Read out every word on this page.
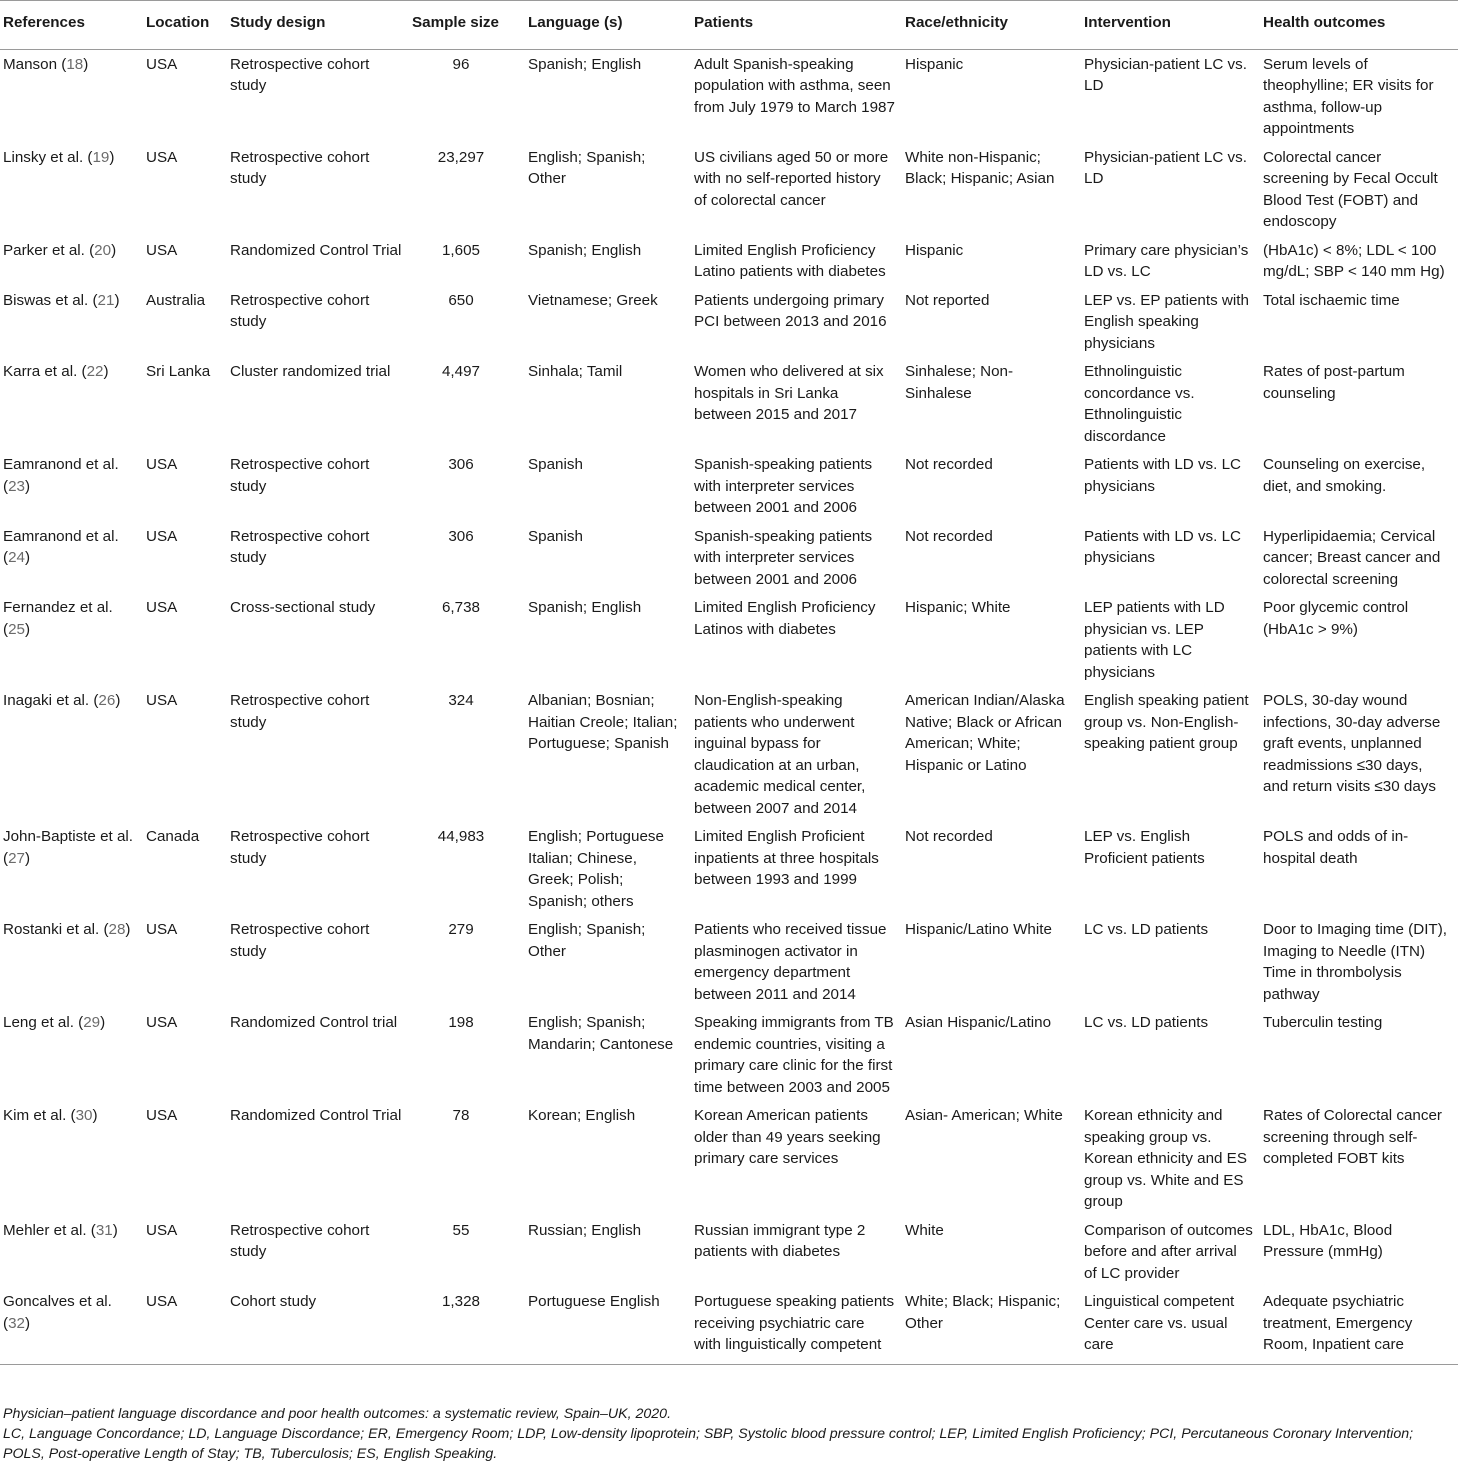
References	Location	Study design	Sample size	Language (s)	Patients	Race/ethnicity	Intervention	Health outcomes
Manson (18)	USA	Retrospective cohort study	96	Spanish; English	Adult Spanish-speaking population with asthma, seen from July 1979 to March 1987	Hispanic	Physician-patient LC vs. LD	Serum levels of theophylline; ER visits for asthma, follow-up appointments
Linsky et al. (19)	USA	Retrospective cohort study	23,297	English; Spanish; Other	US civilians aged 50 or more with no self-reported history of colorectal cancer	White non-Hispanic; Black; Hispanic; Asian	Physician-patient LC vs. LD	Colorectal cancer screening by Fecal Occult Blood Test (FOBT) and endoscopy
Parker et al. (20)	USA	Randomized Control Trial	1,605	Spanish; English	Limited English Proficiency Latino patients with diabetes	Hispanic	Primary care physician’s LD vs. LC	(HbA1c) < 8%; LDL < 100 mg/dL; SBP < 140 mm Hg)
Biswas et al. (21)	Australia	Retrospective cohort study	650	Vietnamese; Greek	Patients undergoing primary PCI between 2013 and 2016	Not reported	LEP vs. EP patients with English speaking physicians	Total ischaemic time
Karra et al. (22)	Sri Lanka	Cluster randomized trial	4,497	Sinhala; Tamil	Women who delivered at six hospitals in Sri Lanka between 2015 and 2017	Sinhalese; Non-Sinhalese	Ethnolinguistic concordance vs. Ethnolinguistic discordance	Rates of post-partum counseling
Eamranond et al. (23)	USA	Retrospective cohort study	306	Spanish	Spanish-speaking patients with interpreter services between 2001 and 2006	Not recorded	Patients with LD vs. LC physicians	Counseling on exercise, diet, and smoking.
Eamranond et al. (24)	USA	Retrospective cohort study	306	Spanish	Spanish-speaking patients with interpreter services between 2001 and 2006	Not recorded	Patients with LD vs. LC physicians	Hyperlipidaemia; Cervical cancer; Breast cancer and colorectal screening
Fernandez et al. (25)	USA	Cross-sectional study	6,738	Spanish; English	Limited English Proficiency Latinos with diabetes	Hispanic; White	LEP patients with LD physician vs. LEP patients with LC physicians	Poor glycemic control (HbA1c > 9%)
Inagaki et al. (26)	USA	Retrospective cohort study	324	Albanian; Bosnian; Haitian Creole; Italian; Portuguese; Spanish	Non-English-speaking patients who underwent inguinal bypass for claudication at an urban, academic medical center, between 2007 and 2014	American Indian/Alaska Native; Black or African American; White; Hispanic or Latino	English speaking patient group vs. Non-English-speaking patient group	POLS, 30-day wound infections, 30-day adverse graft events, unplanned readmissions ≤30 days, and return visits ≤30 days
John-Baptiste et al. (27)	Canada	Retrospective cohort study	44,983	English; Portuguese Italian; Chinese, Greek; Polish; Spanish; others	Limited English Proficient inpatients at three hospitals between 1993 and 1999	Not recorded	LEP vs. English Proficient patients	POLS and odds of in-hospital death
Rostanki et al. (28)	USA	Retrospective cohort study	279	English; Spanish; Other	Patients who received tissue plasminogen activator in emergency department between 2011 and 2014	Hispanic/Latino White	LC vs. LD patients	Door to Imaging time (DIT), Imaging to Needle (ITN) Time in thrombolysis pathway
Leng et al. (29)	USA	Randomized Control trial	198	English; Spanish; Mandarin; Cantonese	Speaking immigrants from TB endemic countries, visiting a primary care clinic for the first time between 2003 and 2005	Asian Hispanic/Latino	LC vs. LD patients	Tuberculin testing
Kim et al. (30)	USA	Randomized Control Trial	78	Korean; English	Korean American patients older than 49 years seeking primary care services	Asian- American; White	Korean ethnicity and speaking group vs. Korean ethnicity and ES group vs. White and ES group	Rates of Colorectal cancer screening through self-completed FOBT kits
Mehler et al. (31)	USA	Retrospective cohort study	55	Russian; English	Russian immigrant type 2 patients with diabetes	White	Comparison of outcomes before and after arrival of LC provider	LDL, HbA1c, Blood Pressure (mmHg)
Goncalves et al. (32)	USA	Cohort study	1,328	Portuguese English	Portuguese speaking patients receiving psychiatric care with linguistically competent	White; Black; Hispanic; Other	Linguistical competent Center care vs. usual care	Adequate psychiatric treatment, Emergency Room, Inpatient care

Physician–patient language discordance and poor health outcomes: a systematic review, Spain–UK, 2020.

LC, Language Concordance; LD, Language Discordance; ER, Emergency Room; LDP, Low-density lipoprotein; SBP, Systolic blood pressure control; LEP, Limited English Proficiency; PCI, Percutaneous Coronary Intervention; POLS, Post-operative Length of Stay; TB, Tuberculosis; ES, English Speaking.
